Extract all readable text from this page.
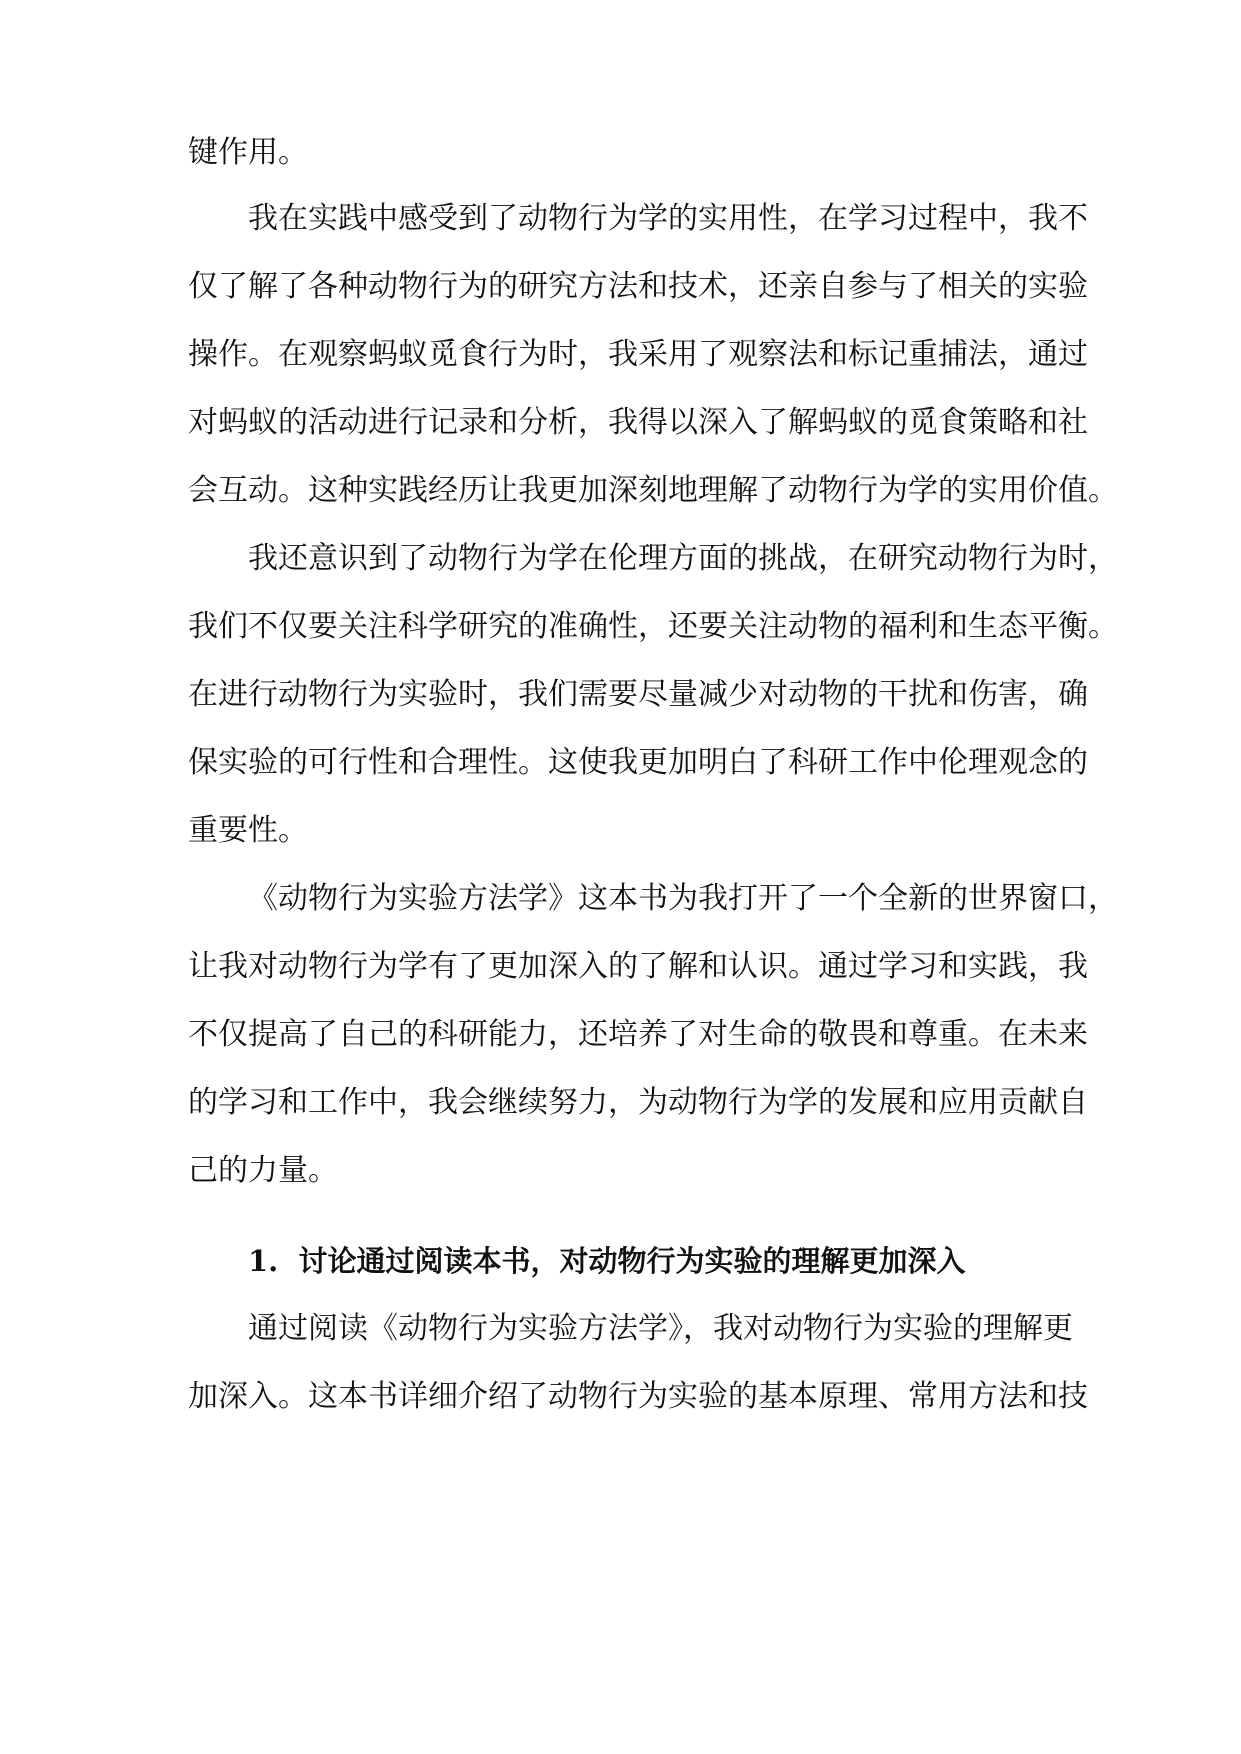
键作用。

我在实践中感受到了动物行为学的实用性，在学习过程中，我不

仅了解了各种动物行为的研究方法和技术，还亲自参与了相关的实验

操作。在观察蚂蚁觅食行为时，我采用了观察法和标记重捕法，通过

对蚂蚁的活动进行记录和分析，我得以深入了解蚂蚁的觅食策略和社

会互动。这种实践经历让我更加深刻地理解了动物行为学的实用价值。

我还意识到了动物行为学在伦理方面的挑战，在研究动物行为时，

我们不仅要关注科学研究的准确性，还要关注动物的福利和生态平衡。

在进行动物行为实验时，我们需要尽量减少对动物的干扰和伤害，确

保实验的可行性和合理性。这使我更加明白了科研工作中伦理观念的

重要性。

《动物行为实验方法学》这本书为我打开了一个全新的世界窗口，

让我对动物行为学有了更加深入的了解和认识。通过学习和实践，我

不仅提高了自己的科研能力，还培养了对生命的敬畏和尊重。在未来

的学习和工作中，我会继续努力，为动物行为学的发展和应用贡献自

己的力量。

1. 讨论通过阅读本书，对动物行为实验的理解更加深入

通过阅读《动物行为实验方法学》，我对动物行为实验的理解更

加深入。这本书详细介绍了动物行为实验的基本原理、常用方法和技
